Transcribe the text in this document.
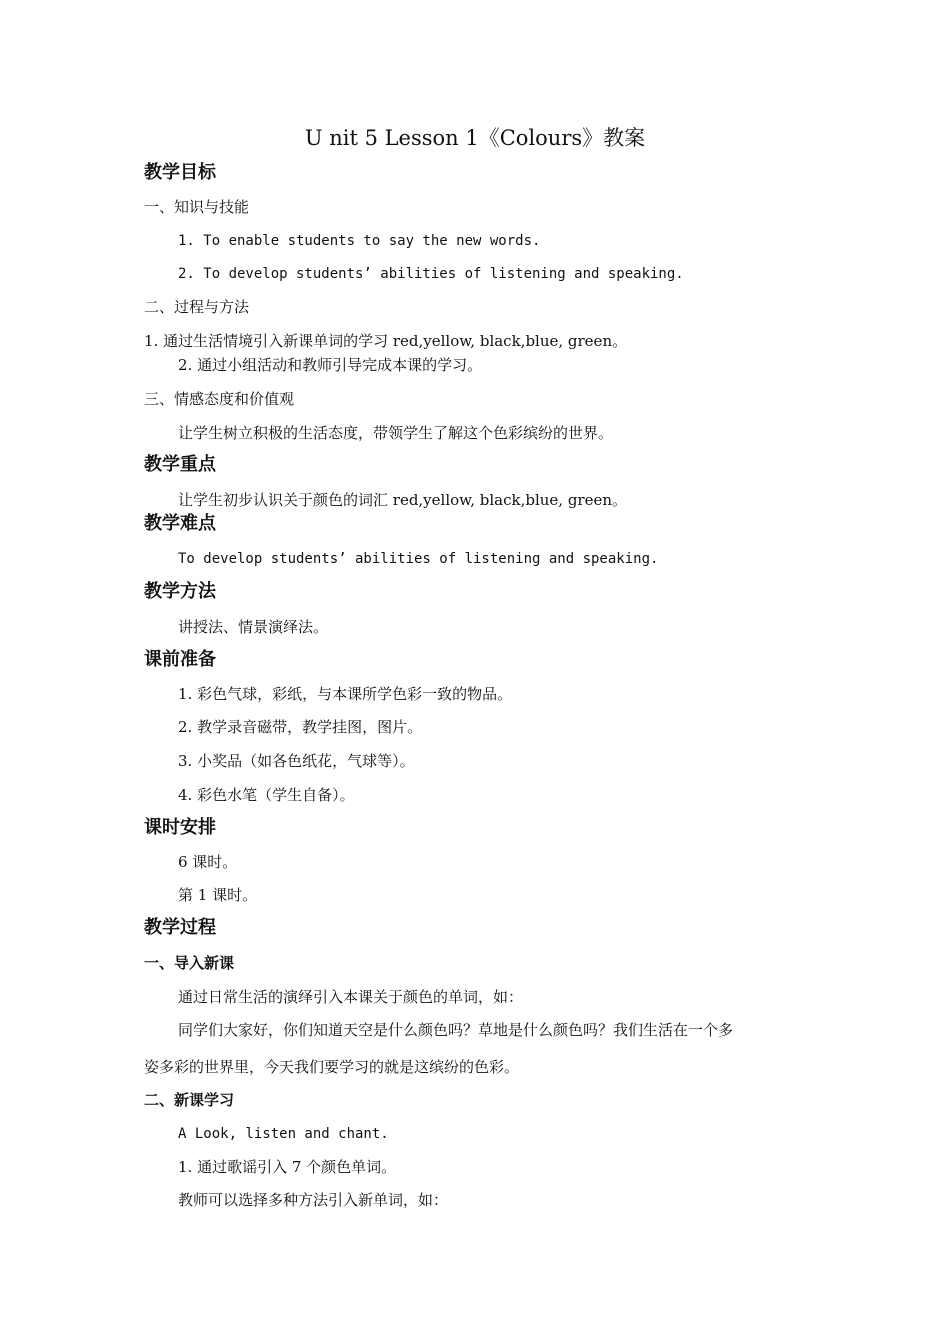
U nit 5 Lesson 1《Colours》教案
教学目标
一、知识与技能
1. To enable students to say the new words.
2. To develop students’ abilities of listening and speaking.
二、过程与方法
1. 通过生活情境引入新课单词的学习 red,yellow, black,blue, green。
2. 通过小组活动和教师引导完成本课的学习。
三、情感态度和价值观
让学生树立积极的生活态度，带领学生了解这个色彩缤纷的世界。
教学重点
让学生初步认识关于颜色的词汇 red,yellow, black,blue, green。
教学难点
To develop students’ abilities of listening and speaking.
教学方法
讲授法、情景演绎法。
课前准备
1. 彩色气球，彩纸，与本课所学色彩一致的物品。
2. 教学录音磁带，教学挂图，图片。
3. 小奖品（如各色纸花，气球等）。
4. 彩色水笔（学生自备）。
课时安排
6 课时。
第 1 课时。
教学过程
一、导入新课
通过日常生活的演绎引入本课关于颜色的单词，如：
同学们大家好，你们知道天空是什么颜色吗？草地是什么颜色吗？我们生活在一个多
姿多彩的世界里，今天我们要学习的就是这缤纷的色彩。
二、新课学习
A Look, listen and chant.
1. 通过歌谣引入 7 个颜色单词。
教师可以选择多种方法引入新单词，如：
